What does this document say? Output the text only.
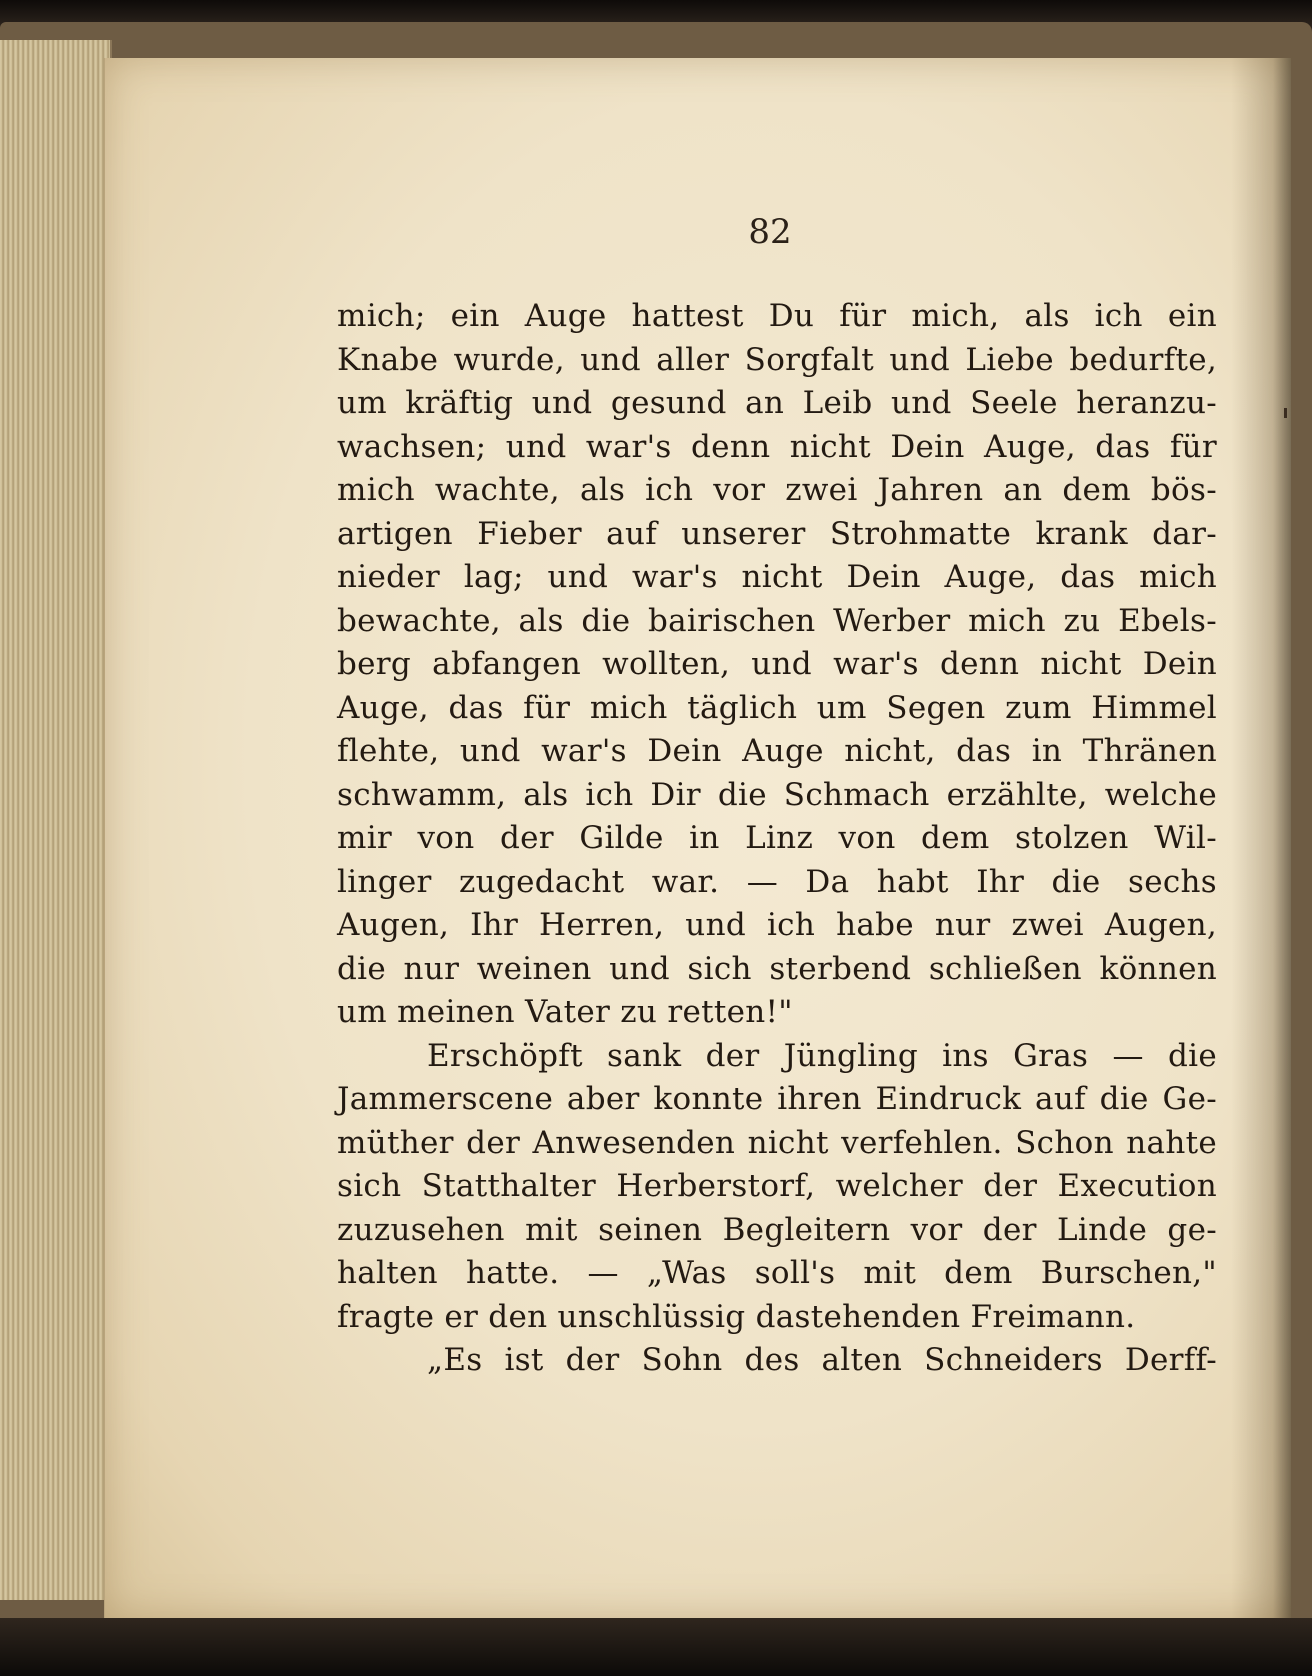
82
mich; ein Auge hattest Du für mich, als ich ein
Knabe wurde, und aller Sorgfalt und Liebe bedurfte,
um kräftig und gesund an Leib und Seele heranzu-
wachsen; und war's denn nicht Dein Auge, das für
mich wachte, als ich vor zwei Jahren an dem bös-
artigen Fieber auf unserer Strohmatte krank dar-
nieder lag; und war's nicht Dein Auge, das mich
bewachte, als die bairischen Werber mich zu Ebels-
berg abfangen wollten, und war's denn nicht Dein
Auge, das für mich täglich um Segen zum Himmel
flehte, und war's Dein Auge nicht, das in Thränen
schwamm, als ich Dir die Schmach erzählte, welche
mir von der Gilde in Linz von dem stolzen Wil-
linger zugedacht war. — Da habt Ihr die sechs
Augen, Ihr Herren, und ich habe nur zwei Augen,
die nur weinen und sich sterbend schließen können
um meinen Vater zu retten!"
Erschöpft sank der Jüngling ins Gras — die
Jammerscene aber konnte ihren Eindruck auf die Ge-
müther der Anwesenden nicht verfehlen. Schon nahte
sich Statthalter Herberstorf, welcher der Execution
zuzusehen mit seinen Begleitern vor der Linde ge-
halten hatte. — „Was soll's mit dem Burschen,"
fragte er den unschlüssig dastehenden Freimann.
„Es ist der Sohn des alten Schneiders Derff-
